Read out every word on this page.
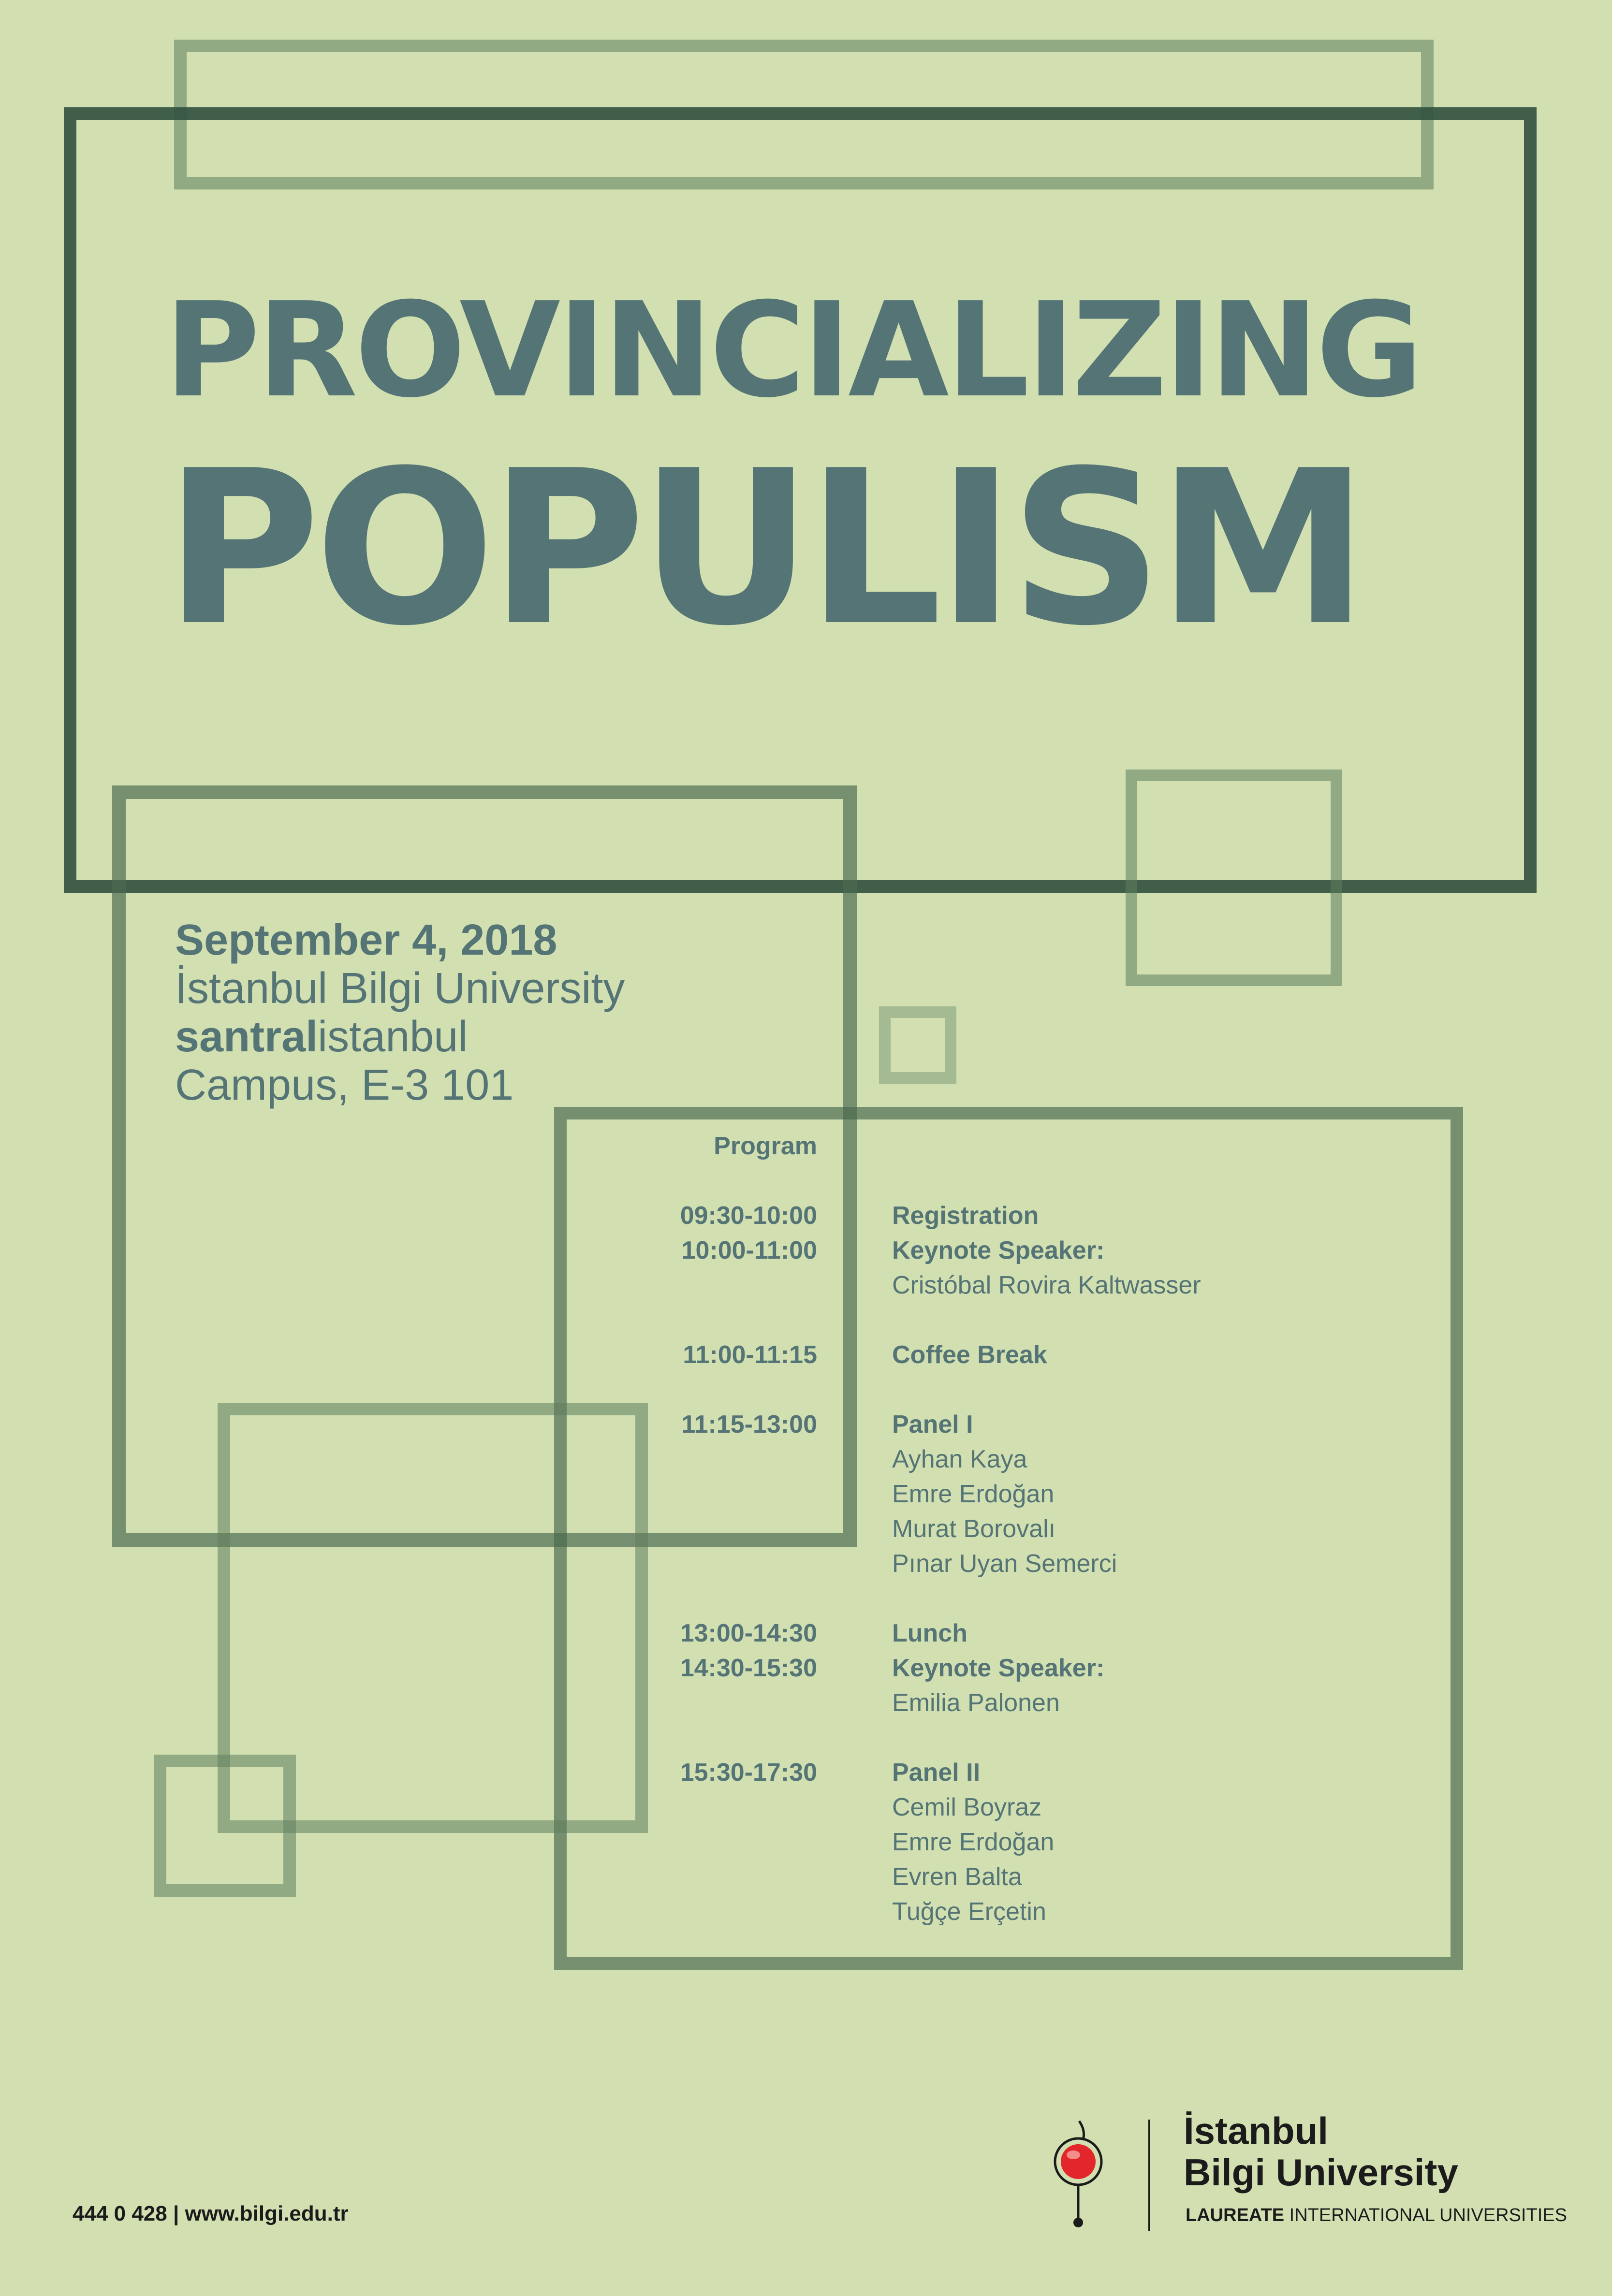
PROVINCIALIZING
POPULISM
September 4, 2018
İstanbul Bilgi University
santralistanbul
Campus, E-3 101
Program
09:30-10:00	Registration
10:00-11:00	Keynote Speaker:
Cristóbal Rovira Kaltwasser
11:00-11:15	Coffee Break
11:15-13:00	Panel I
Ayhan Kaya
Emre Erdoğan
Murat Borovalı
Pınar Uyan Semerci
13:00-14:30	Lunch
14:30-15:30	Keynote Speaker:
Emilia Palonen
15:30-17:30	Panel II
Cemil Boyraz
Emre Erdoğan
Evren Balta
Tuğçe Erçetin
444 0 428 | www.bilgi.edu.tr
İstanbul
Bilgi University
LAUREATE INTERNATIONAL UNIVERSITIES
